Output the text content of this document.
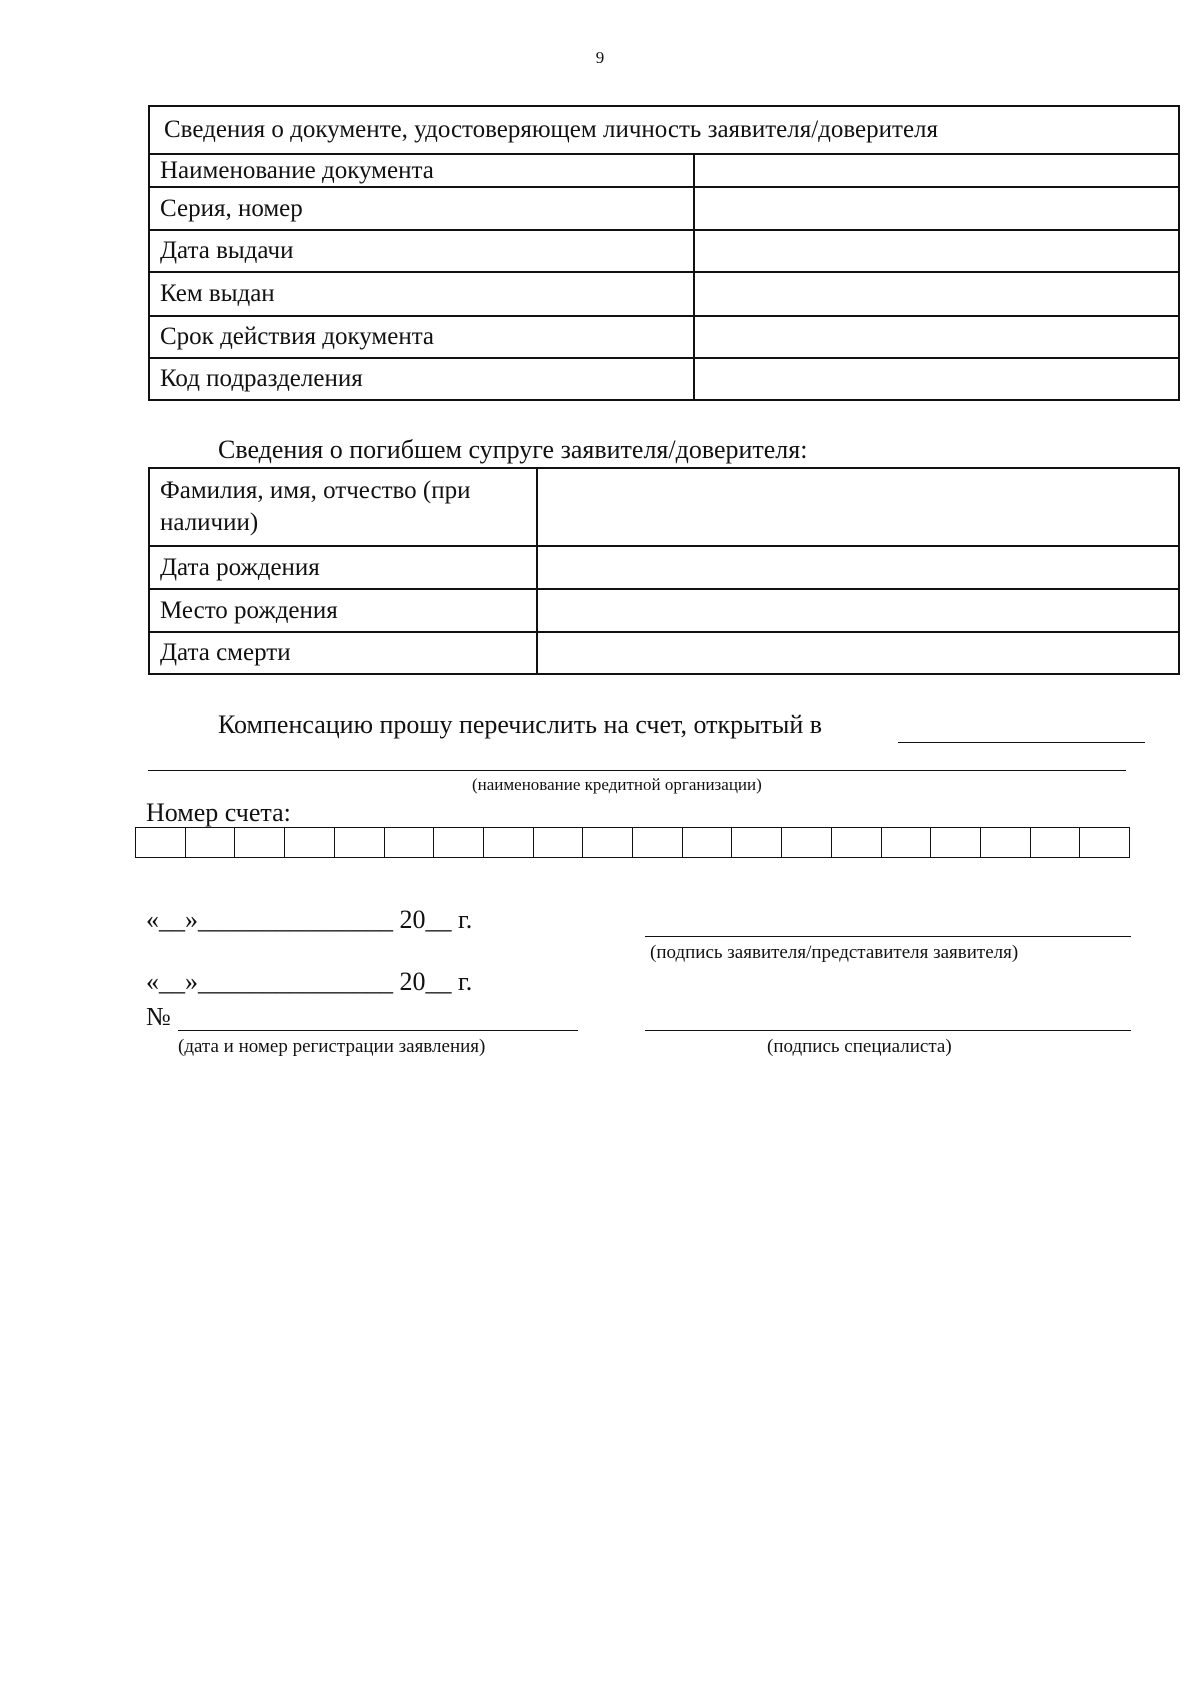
9
Сведения о документе, удостоверяющем личность заявителя/доверителя	
Наименование документа	
Серия, номер	
Дата выдачи	
Кем выдан	
Срок действия документа	
Код подразделения	
Сведения о погибшем супруге заявителя/доверителя:
Фамилия, имя, отчество (при наличии)	
Дата рождения	
Место рождения	
Дата смерти	
Компенсацию прошу перечислить на счет, открытый в
(наименование кредитной организации)
Номер счета:
«__»_______________ 20__ г.
(подпись заявителя/представителя заявителя)
«__»_______________ 20__ г.
№
(дата и номер регистрации заявления)	(подпись специалиста)
